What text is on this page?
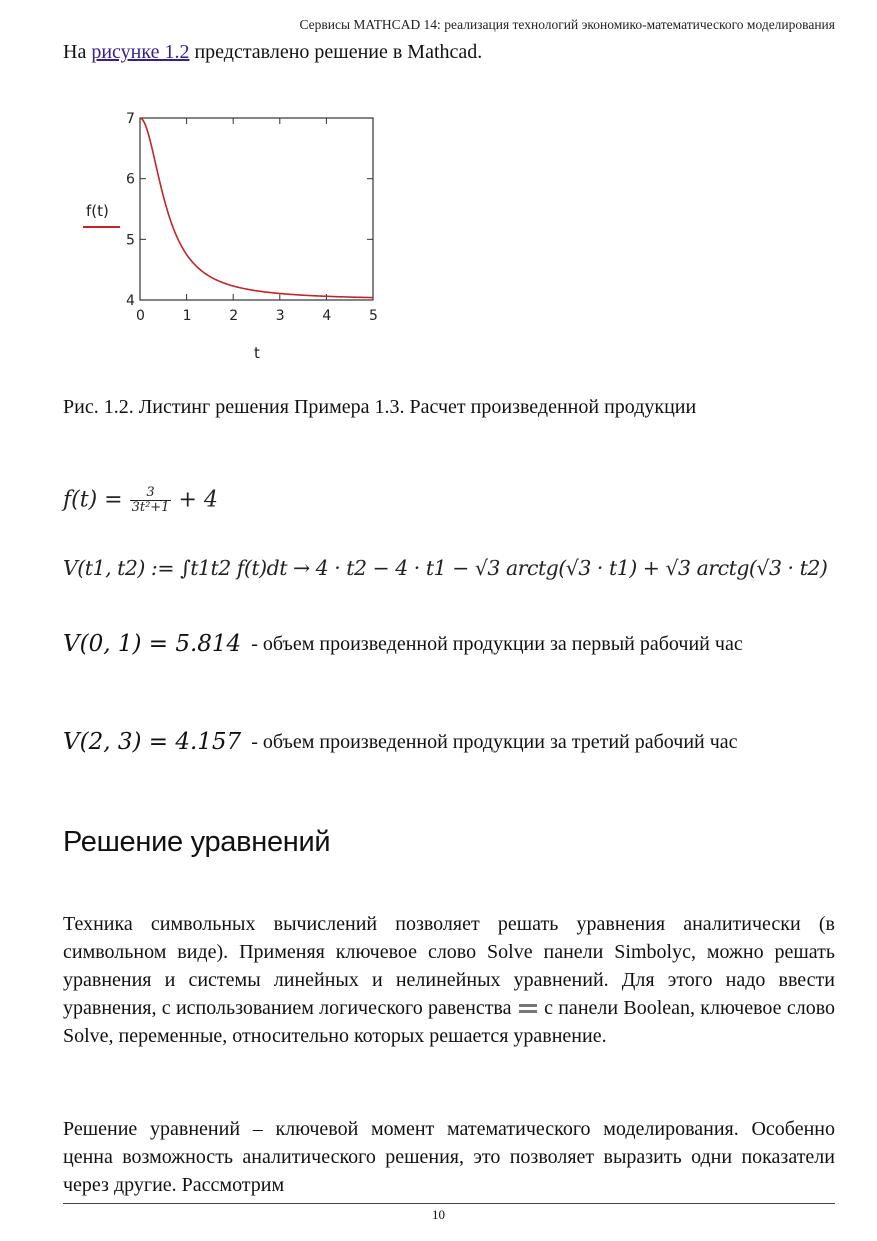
Сервисы MATHCAD 14: реализация технологий экономико-математического моделирования
На рисунке 1.2 представлено решение в Mathcad.
0	1	2	3	4	5
4
5
6
7
f(t)
t
Рис. 1.2. Листинг решения Примера 1.3. Расчет произведенной продукции
$f(t) = \frac{3}{\text{3t²+1}} + 4$
V(t1, t2) := ∫t1t2 f(t)dt → 4 · t2 − 4 · t1 − √3 arctg(√3 · t1) + √3 arctg(√3 · t2)
V(0, 1) = 5.814 - объем произведенной продукции за первый рабочий час
V(2, 3) = 4.157 - объем произведенной продукции за третий рабочий час
Решение уравнений
Техника символьных вычислений позволяет решать уравнения аналитически (в символьном виде). Применяя ключевое слово Solve панели Simbolyc, можно решать уравнения и системы линейных и нелинейных уравнений. Для этого надо ввести уравнения, с использованием логического равенства  с панели Boolean, ключевое слово Solve, переменные, относительно которых решается уравнение.
Решение уравнений – ключевой момент математического моделирования. Особенно ценна возможность аналитического решения, это позволяет выразить одни показатели через другие. Рассмотрим
10
